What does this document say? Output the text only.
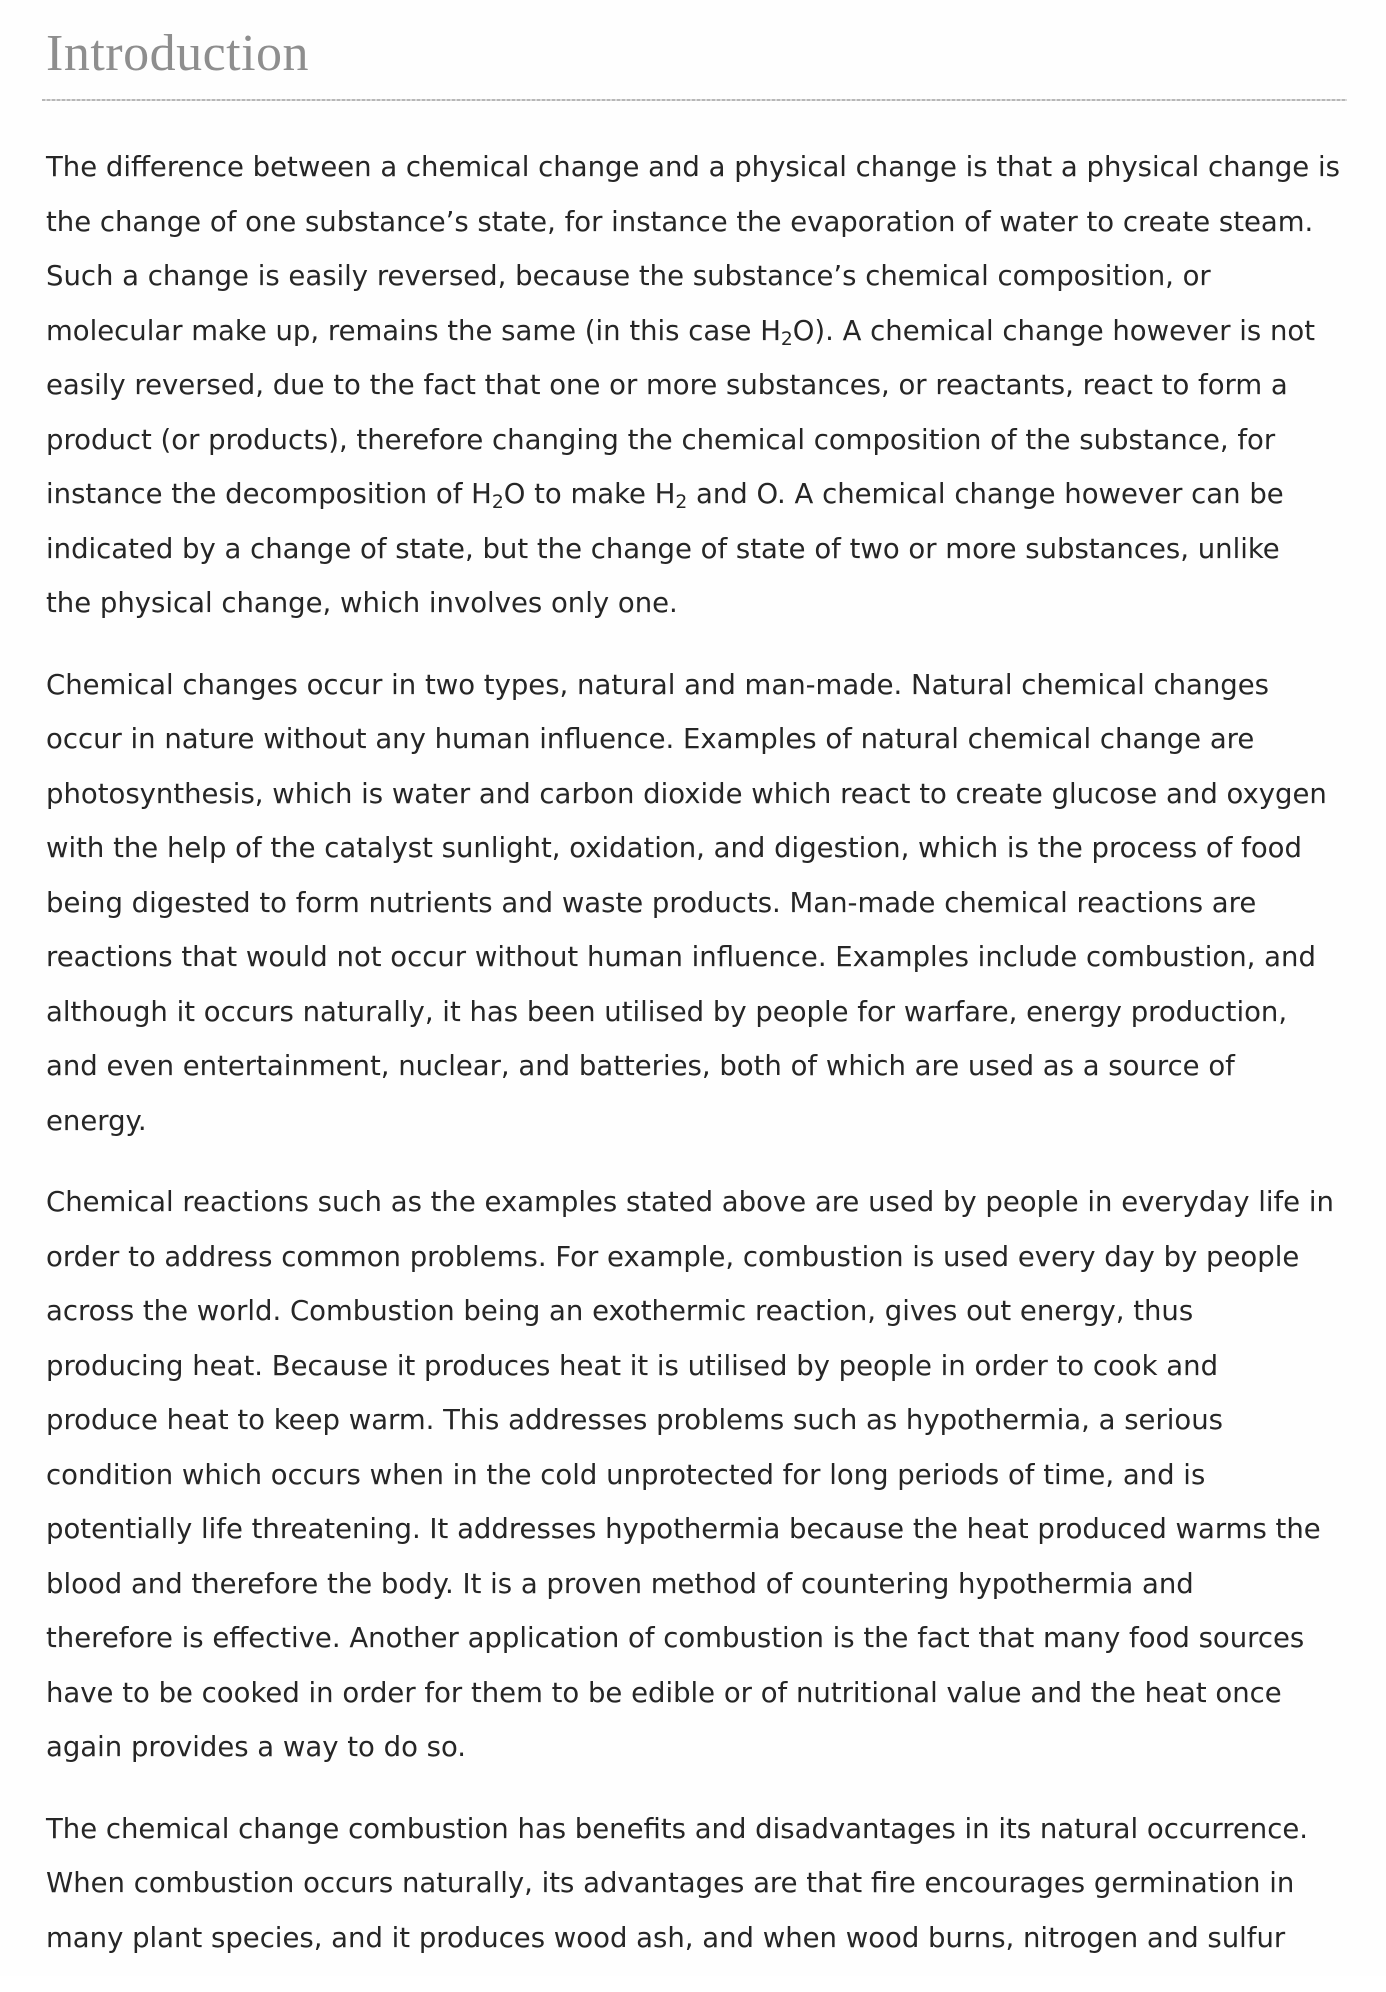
Introduction

The difference between a chemical change and a physical change is that a physical change is
the change of one substance’s state, for instance the evaporation of water to create steam.
Such a change is easily reversed, because the substance’s chemical composition, or
molecular make up, remains the same (in this case $H_2O$). A chemical change however is not
easily reversed, due to the fact that one or more substances, or reactants, react to form a
product (or products), therefore changing the chemical composition of the substance, for
instance the decomposition of $H_2O$ to make $H_2$ and O. A chemical change however can be
indicated by a change of state, but the change of state of two or more substances, unlike
the physical change, which involves only one.

Chemical changes occur in two types, natural and man-made. Natural chemical changes
occur in nature without any human influence. Examples of natural chemical change are
photosynthesis, which is water and carbon dioxide which react to create glucose and oxygen
with the help of the catalyst sunlight, oxidation, and digestion, which is the process of food
being digested to form nutrients and waste products. Man-made chemical reactions are
reactions that would not occur without human influence. Examples include combustion, and
although it occurs naturally, it has been utilised by people for warfare, energy production,
and even entertainment, nuclear, and batteries, both of which are used as a source of
energy.

Chemical reactions such as the examples stated above are used by people in everyday life in
order to address common problems. For example, combustion is used every day by people
across the world. Combustion being an exothermic reaction, gives out energy, thus
producing heat. Because it produces heat it is utilised by people in order to cook and
produce heat to keep warm. This addresses problems such as hypothermia, a serious
condition which occurs when in the cold unprotected for long periods of time, and is
potentially life threatening. It addresses hypothermia because the heat produced warms the
blood and therefore the body. It is a proven method of countering hypothermia and
therefore is effective. Another application of combustion is the fact that many food sources
have to be cooked in order for them to be edible or of nutritional value and the heat once
again provides a way to do so.

The chemical change combustion has benefits and disadvantages in its natural occurrence.
When combustion occurs naturally, its advantages are that fire encourages germination in
many plant species, and it produces wood ash, and when wood burns, nitrogen and sulfur
